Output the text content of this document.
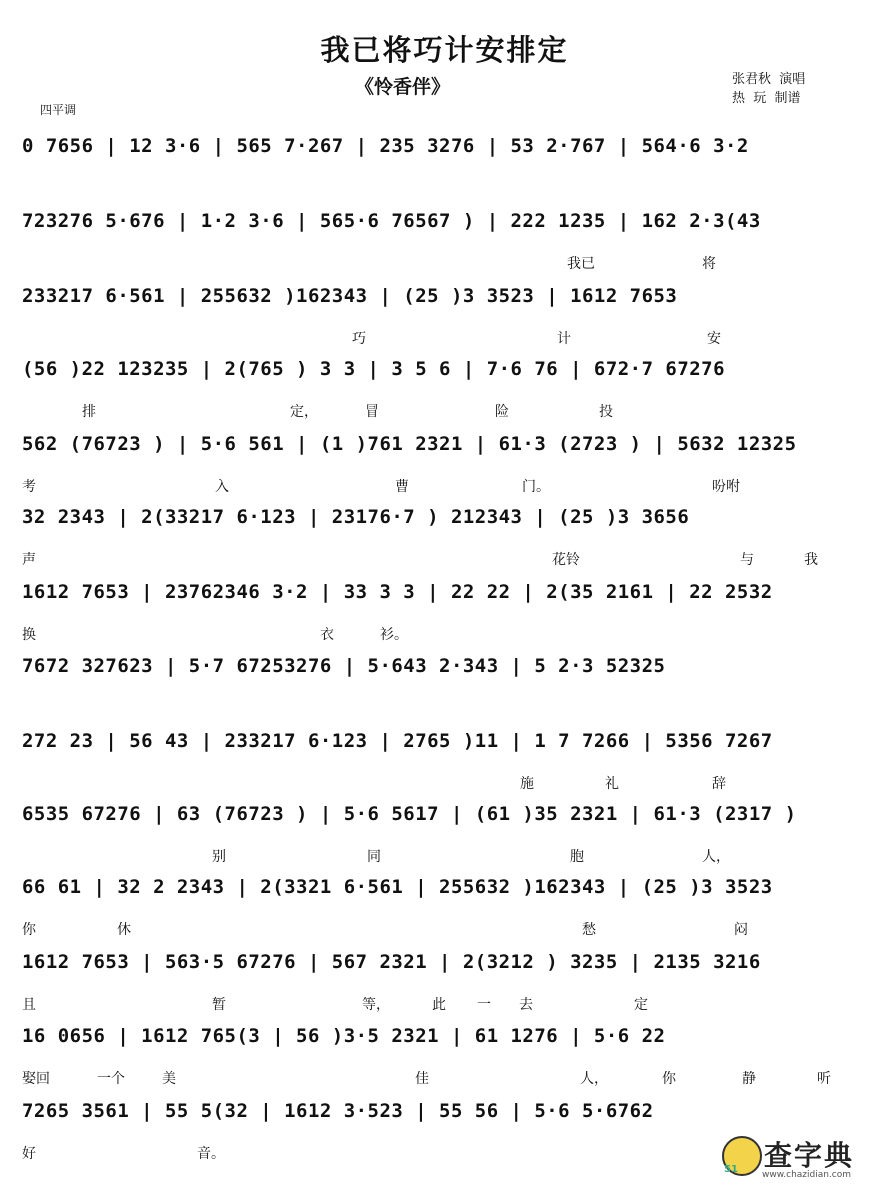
我已将巧计安排定
《怜香伴》	张君秋  演唱
热  玩  制谱
四平调
0 7656 | 12 3·6 | 565 7·267 | 235 3276 | 53 2·767 | 564·6 3·2
723276 5·676 | 1·2 3·6 | 565·6 76567 ) | 222 1235 | 162 2·3(43
我已	将
233217 6·561 | 255632 )162343 | (25 )3 3523 | 1612 7653
巧	计	安
(56 )22 123235 | 2(765 ) 3 3 | 3 5 6 | 7·6 76 | 672·7 67276
排	定，	冒	险	投
562 (76723 ) | 5·6 561 | (1 )761 2321 | 61·3 (2723 ) | 5632 12325
考	入	曹	门。	吩咐
32 2343 | 2(33217 6·123 | 23176·7 ) 212343 | (25 )3 3656
声	花铃	与	我
1612 7653 | 23762346 3·2 | 33 3 3 | 22 22 | 2(35 2161 | 22 2532
换	衣	衫。
7672 327623 | 5·7 67253276 | 5·643 2·343 | 5 2·3 52325
272 23 | 56 43 | 233217 6·123 | 2765 )11 | 1 7 7266 | 5356 7267
施	礼	辞
6535 67276 | 63 (76723 ) | 5·6 5617 | (61 )35 2321 | 61·3 (2317 )
别	同	胞	人，
66 61 | 32 2 2343 | 2(3321 6·561 | 255632 )162343 | (25 )3 3523
你	休	愁	闷
1612 7653 | 563·5 67276 | 567 2321 | 2(3212 ) 3235 | 2135 3216
且	暂	等，	此 一 去	定
16 0656 | 1612 765(3 | 56 )3·5 2321 | 61 1276 | 5·6 22
娶回	一个	美	佳	人，	你	静	听
7265 3561 | 55 5(32 | 1612 3·523 | 55 56 | 5·6 5·6762
好	音。
51 查字典
www.chazidian.com
